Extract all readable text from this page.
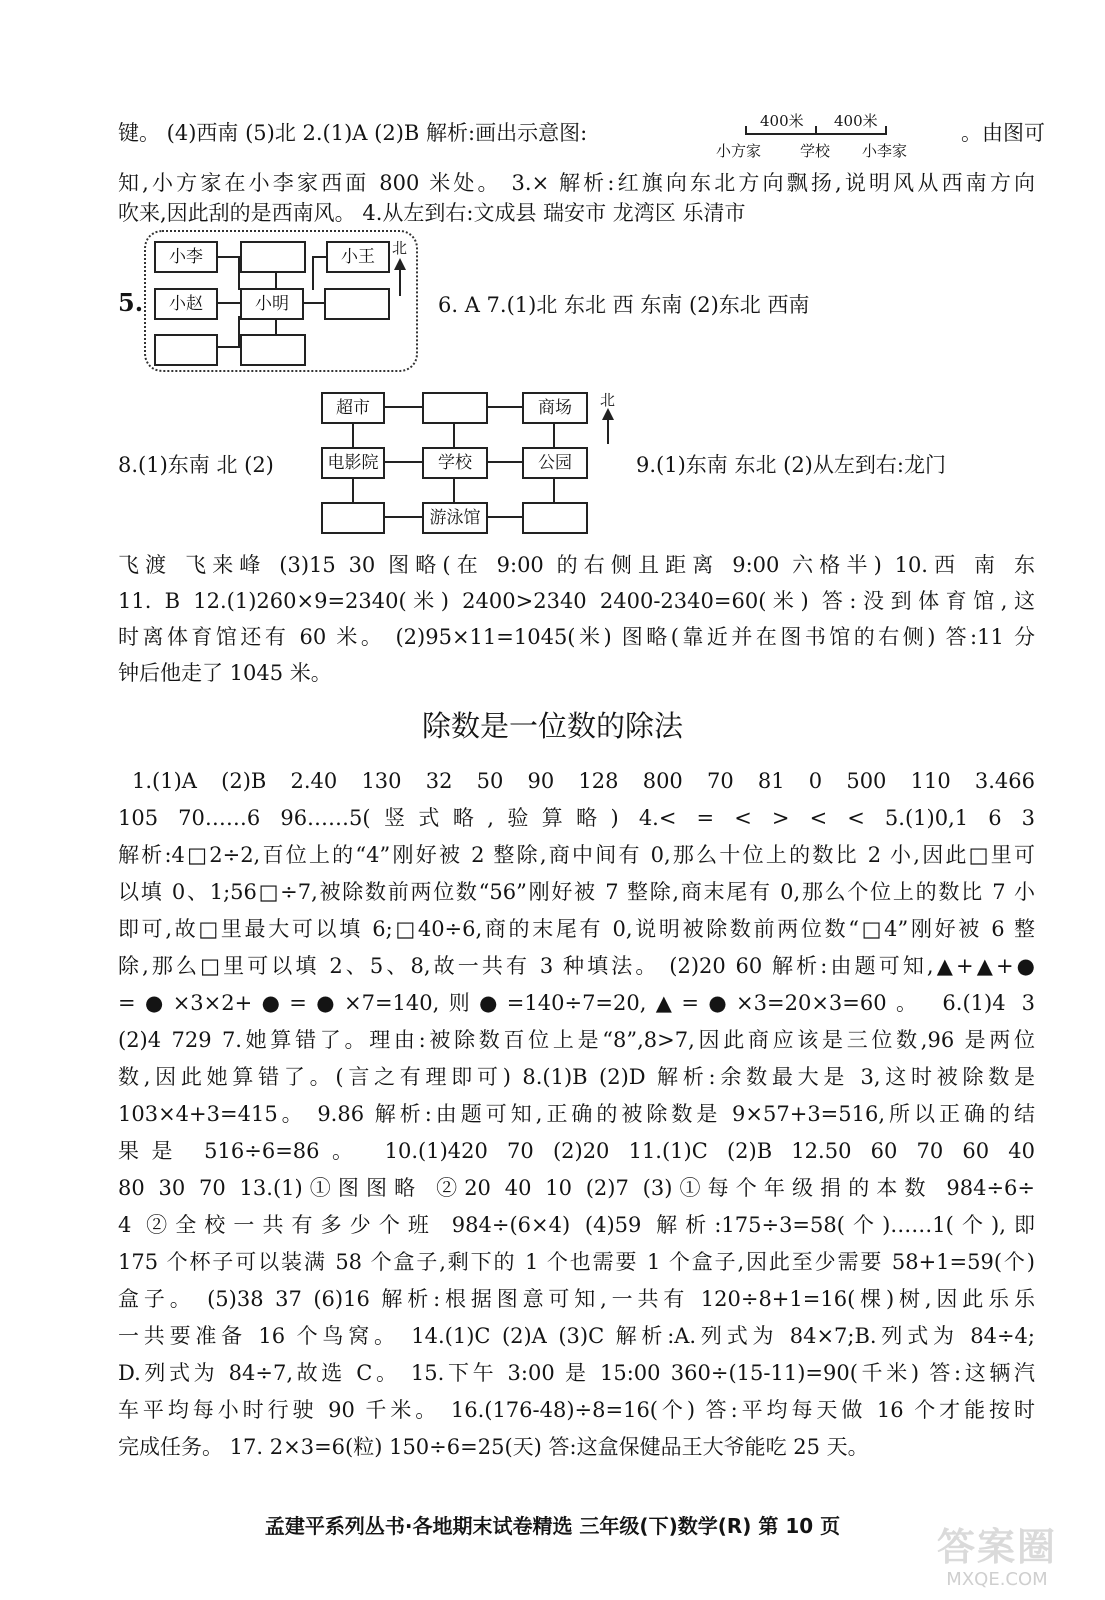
键。 (4)西南 (5)北 2.(1)A (2)B 解析:画出示意图:	。由图可
400米 400米
小方家	学校 小李家
知,小方家在小李家西面 800 米处。 3.× 解析:红旗向东北方向飘扬,说明风从西南方向
吹来,因此刮的是西南风。 4.从左到右:文成县 瑞安市 龙湾区 乐清市
5.
小李	小王
小赵	小明
北
6. A 7.(1)北 东北 西 东南 (2)东北 西南
8.(1)东南 北 (2)
超市	商场
电影院	学校	公园
游泳馆
北
9.(1)东南 东北 (2)从左到右:龙门
飞渡 飞来峰 (3)15 30 图略(在 9:00 的右侧且距离 9:00 六格半) 10.西 南 东
11. B 12.(1)260×9=2340(米) 2400>2340 2400-2340=60(米) 答:没到体育馆,这
时离体育馆还有 60 米。 (2)95×11=1045(米) 图略(靠近并在图书馆的右侧) 答:11 分
钟后他走了 1045 米。
除数是一位数的除法
1.(1)A (2)B 2.40 130 32 50 90 128 800 70 81 0 500 110 3.466
105 70……6 96……5(竖式略,验算略) 4.< = < > < < 5.(1)0,1 6 3
解析:4□2÷2,百位上的“4”刚好被 2 整除,商中间有 0,那么十位上的数比 2 小,因此□里可
以填 0、1;56□÷7,被除数前两位数“56”刚好被 7 整除,商末尾有 0,那么个位上的数比 7 小
即可,故□里最大可以填 6;□40÷6,商的末尾有 0,说明被除数前两位数“□4”刚好被 6 整
除,那么□里可以填 2、5、8,故一共有 3 种填法。 (2)20 60 解析:由题可知,▲+▲+●
=●×3×2+●=●×7=140,则●=140÷7=20,▲=●×3=20×3=60。 6.(1)4 3
(2)4 729 7.她算错了。理由:被除数百位上是“8”,8>7,因此商应该是三位数,96 是两位
数,因此她算错了。(言之有理即可) 8.(1)B (2)D 解析:余数最大是 3,这时被除数是
103×4+3=415。 9.86 解析:由题可知,正确的被除数是 9×57+3=516,所以正确的结
果是 516÷6=86。 10.(1)420 70 (2)20 11.(1)C (2)B 12.50 60 70 60 40
80 30 70 13.(1)①图图略 ②20 40 10 (2)7 (3)①每个年级捐的本数 984÷6÷
4 ②全校一共有多少个班 984÷(6×4) (4)59 解析:175÷3=58(个)……1(个),即
175 个杯子可以装满 58 个盒子,剩下的 1 个也需要 1 个盒子,因此至少需要 58+1=59(个)
盒子。 (5)38 37 (6)16 解析:根据图意可知,一共有 120÷8+1=16(棵)树,因此乐乐
一共要准备 16 个鸟窝。 14.(1)C (2)A (3)C 解析:A.列式为 84×7;B.列式为 84÷4;
D.列式为 84÷7,故选 C。 15.下午 3:00 是 15:00 360÷(15-11)=90(千米) 答:这辆汽
车平均每小时行驶 90 千米。 16.(176-48)÷8=16(个) 答:平均每天做 16 个才能按时
完成任务。 17. 2×3=6(粒) 150÷6=25(天) 答:这盒保健品王大爷能吃 25 天。
孟建平系列丛书·各地期末试卷精选 三年级(下)数学(R) 第 10 页	答案圈
MXQE.COM
